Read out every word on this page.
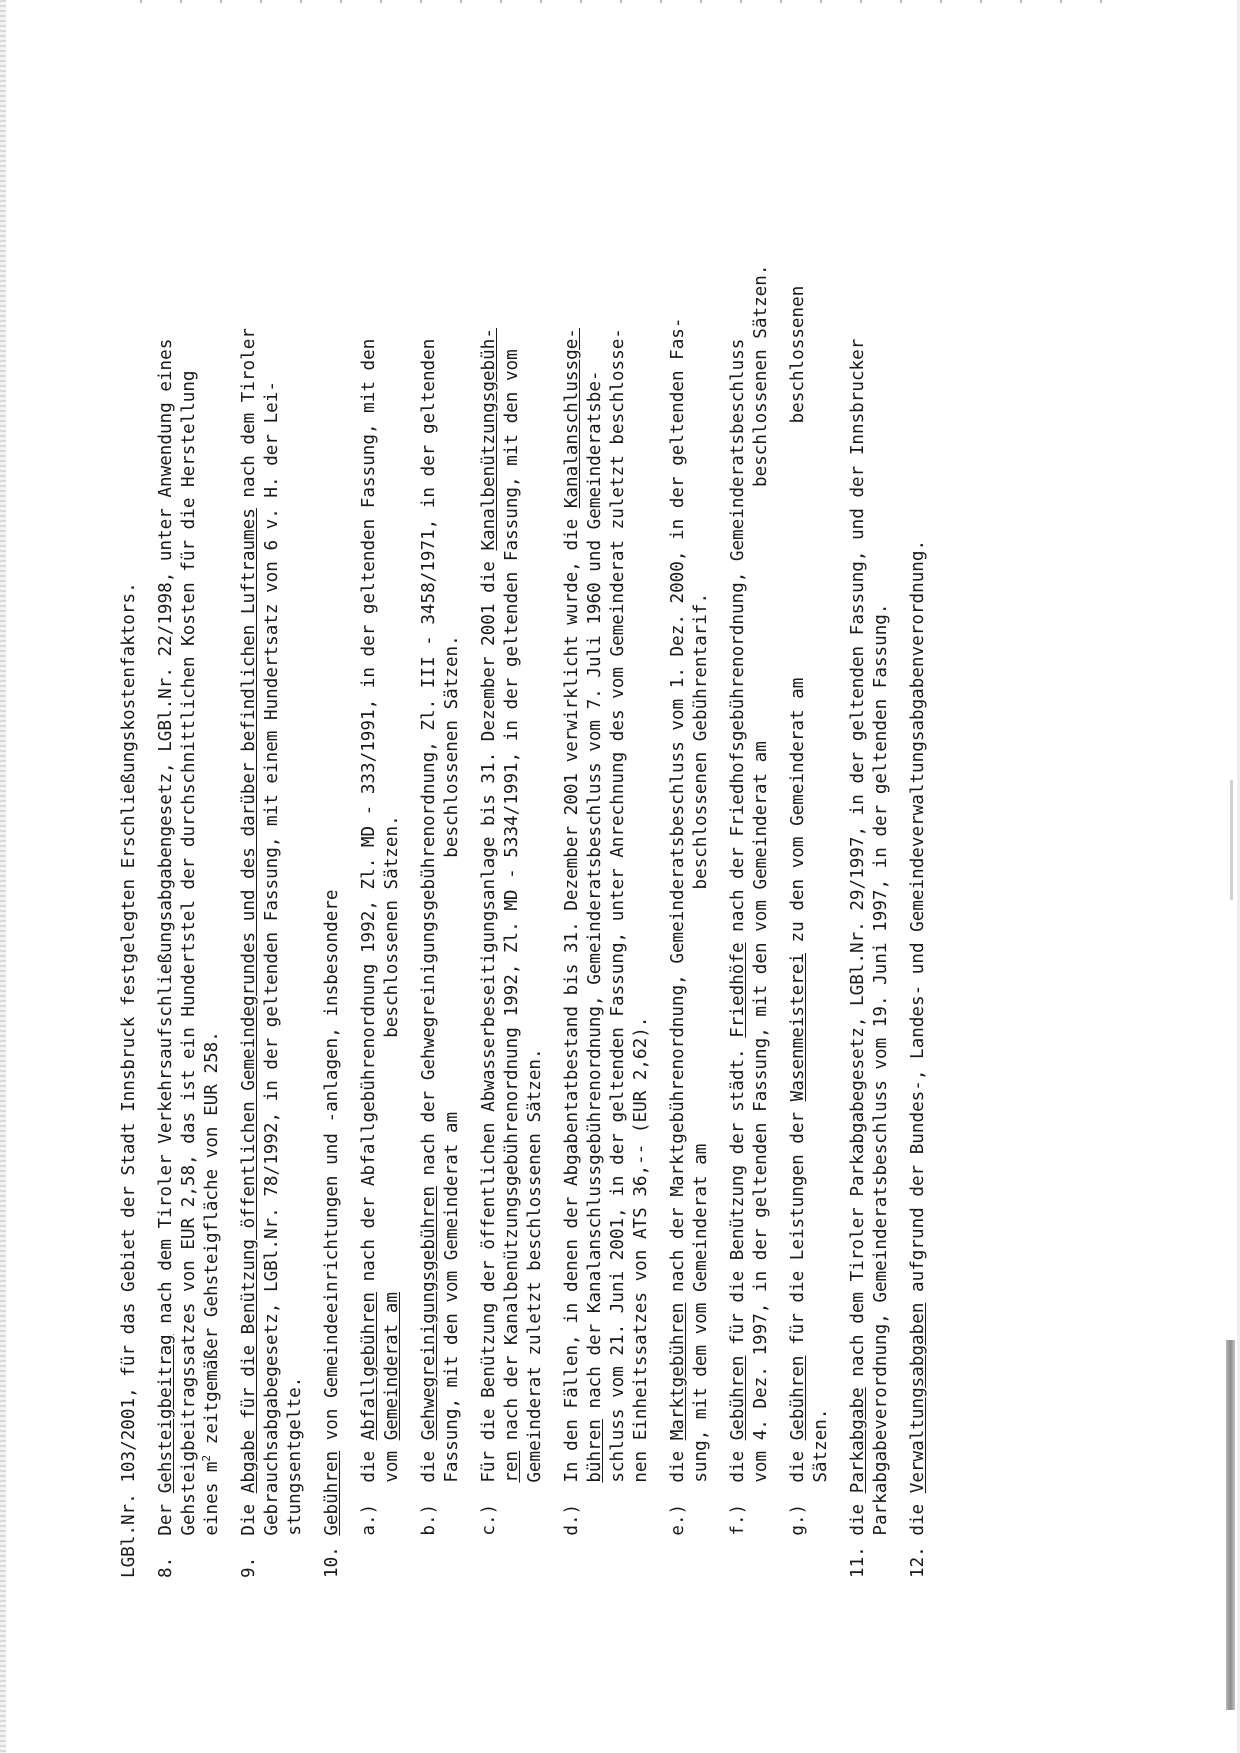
LGBl.Nr. 103/2001, für das Gebiet der Stadt Innsbruck festgelegten Erschließungskostenfaktors. 8.  Der Gehsteigbeitrag nach dem Tiroler Verkehrsaufschließungsabgabengesetz, LGBl.Nr. 22/1998, unter Anwendung eines Gehsteigbeitragssatzes von EUR 2,58, das ist ein Hundertstel der durchschnittlichen Kosten für die Herstellung eines $m^2$ zeitgemäßer Gehsteigfläche von EUR 258.
9.  Die Abgabe für die Benützung öffentlichen Gemeindegrundes und des darüber befindlichen Luftraumes nach dem Tiroler Gebrauchsabgabegesetz, LGBl.Nr. 78/1992, in der geltenden Fassung, mit einem Hundertsatz von 6 v. H. der Lei- stungsentgelte. 10. Gebühren von Gemeindeeinrichtungen und -anlagen, insbesondere
a.)  die Abfallgebühren nach der Abfallgebührenordnung 1992, Zl. MD - 333/1991, in der geltenden Fassung, mit den
vom Gemeinderat am                        beschlossenen Sätzen.
b.)  die Gehwegreinigungsgebühren nach der Gehwegreinigungsgebührenordnung, Zl. III - 3458/1971, in der geltenden Fassung, mit den vom Gemeinderat am                        beschlossenen Sätzen. c.)  Für die Benützung der öffentlichen Abwasserbeseitigungsanlage bis 31. Dezember 2001 die Kanalbenützungsgebüh-
ren nach der Kanalbenützungsgebührenordnung 1992, Zl. MD - 5334/1991, in der geltenden Fassung, mit den vom Gemeinderat zuletzt beschlossenen Sätzen. d.)  In den Fällen, in denen der Abgabentatbestand bis 31. Dezember 2001 verwirklicht wurde, die Kanalanschlussge-
bühren nach der Kanalanschlussgebührenordnung, Gemeinderatsbeschluss vom 7. Juli 1960 und Gemeinderatsbe- schluss vom 21. Juni 2001, in der geltenden Fassung, unter Anrechnung des vom Gemeinderat zuletzt beschlosse- nen Einheitssatzes von ATS 36,-- (EUR 2,62). e.)  die Marktgebühren nach der Marktgebührenordnung, Gemeinderatsbeschluss vom 1. Dez. 2000, in der geltenden Fas- sung, mit dem vom Gemeinderat am                        beschlossenen Gebührentarif. f.)  die Gebühren für die Benützung der städt. Friedhöfe nach der Friedhofsgebührenordnung, Gemeinderatsbeschluss vom 4. Dez. 1997, in der geltenden Fassung, mit den vom Gemeinderat am                        beschlossenen Sätzen. g.)  die Gebühren für die Leistungen der Wasenmeisterei zu den vom Gemeinderat am                        beschlossenen
Sätzen. 11. die Parkabgabe nach dem Tiroler Parkabgabegesetz, LGBl.Nr. 29/1997, in der geltenden Fassung, und der Innsbrucker Parkabgabeverordnung, Gemeinderatsbeschluss vom 19. Juni 1997, in der geltenden Fassung. 12. die Verwaltungsabgaben aufgrund der Bundes-, Landes- und Gemeindeverwaltungsabgabenverordnung.
